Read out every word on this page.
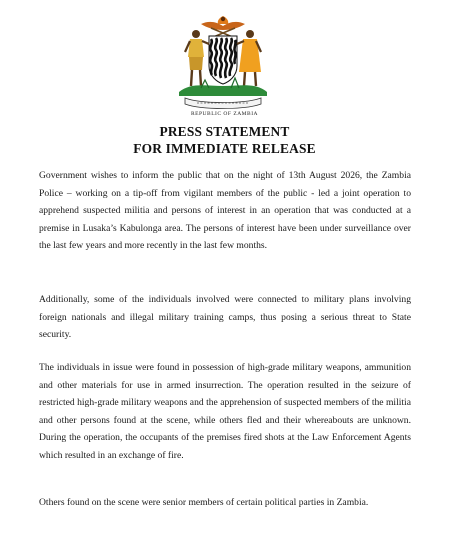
REPUBLIC OF ZAMBIA
PRESS STATEMENT
FOR IMMEDIATE RELEASE

Government wishes to inform the public that on the night of 13th August 2026, the Zambia Police – working on a tip-off from vigilant members of the public - led a joint operation to apprehend suspected militia and persons of interest in an operation that was conducted at a premise in Lusaka’s Kabulonga area. The persons of interest have been under surveillance over the last few years and more recently in the last few months.

Additionally, some of the individuals involved were connected to military plans involving foreign nationals and illegal military training camps, thus posing a serious threat to State security.

The individuals in issue were found in possession of high-grade military weapons, ammunition and other materials for use in armed insurrection. The operation resulted in the seizure of restricted high-grade military weapons and the apprehension of suspected members of the militia and other persons found at the scene, while others fled and their whereabouts are unknown. During the operation, the occupants of the premises fired shots at the Law Enforcement Agents which resulted in an exchange of fire.

Others found on the scene were senior members of certain political parties in Zambia.
